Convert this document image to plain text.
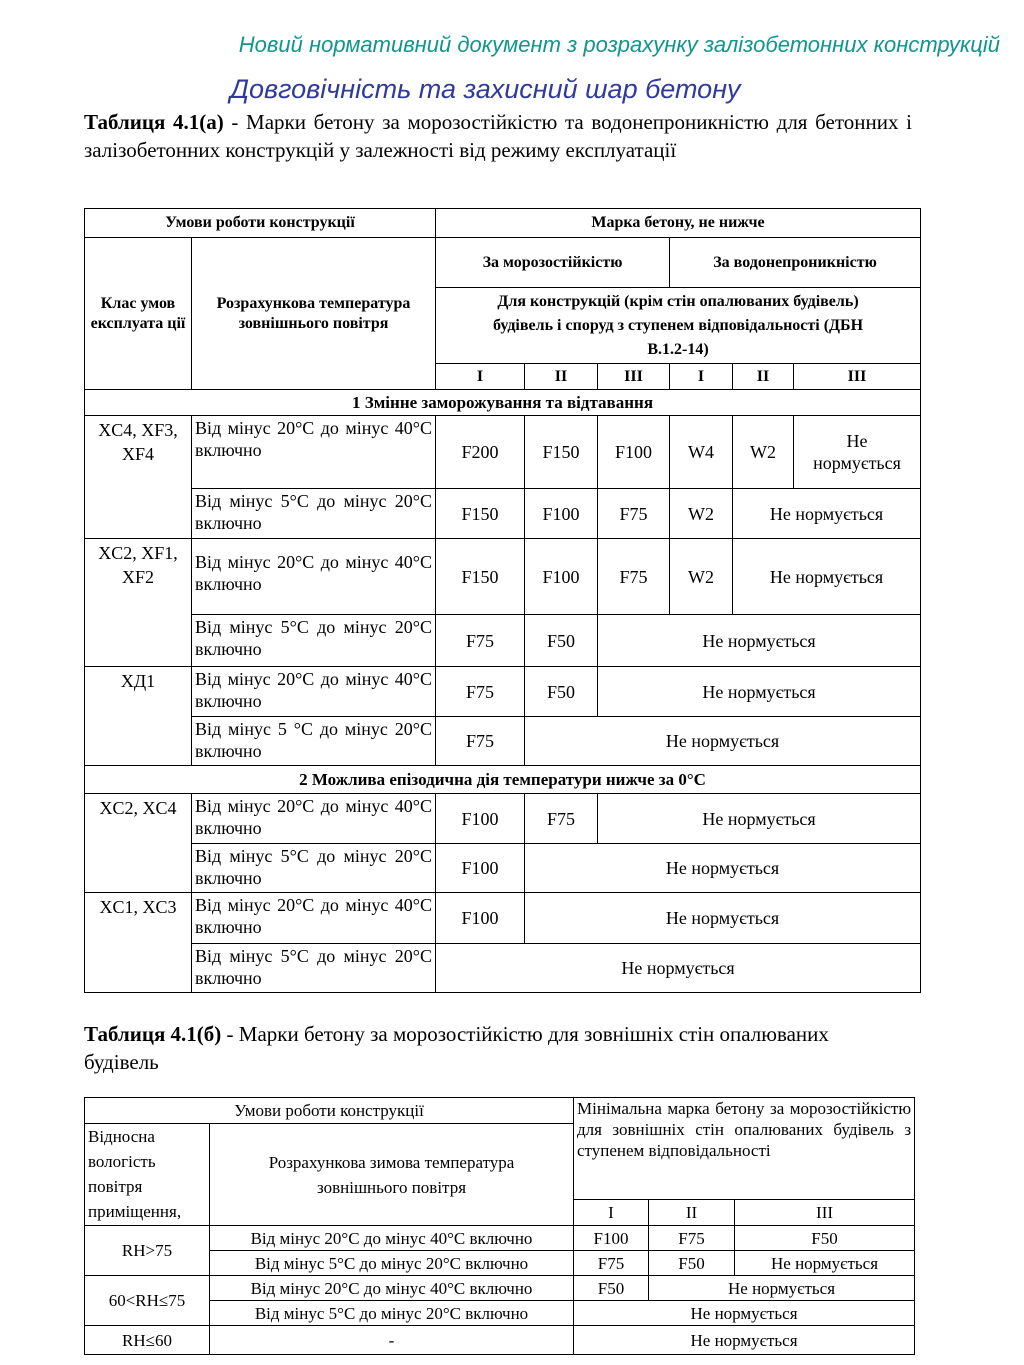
Новий нормативний документ з розрахунку залізобетонних конструкцій
Довговічність та захисний шар бетону
Таблиця 4.1(а) - Марки бетону за морозостійкістю та водонепроникністю для бетонних і залізобетонних конструкцій у залежності від режиму експлуатації
Умови роботи конструкції		Марка бетону, не нижче					
Клас умов експлуата ції	Розрахункова температура зовнішнього повітря	За морозостійкістю			За водонепроникністю		
		Для конструкцій (крім стін опалюваних будівель) будівель і споруд з ступенем відповідальності (ДБН В.1.2-14)					
		I	II	III	I	II	III
1 Змінне заморожування та відтавання							
XC4, XF3, XF4	Від мінус 20°С до мінус 40°С включно	F200	F150	F100	W4	W2	Не нормується
	Від мінус 5°С до мінус 20°С включно	F150	F100	F75	W2	Не нормується	
XC2, XF1, XF2	Від мінус 20°С до мінус 40°С включно	F150	F100	F75	W2	Не нормується	
	Від мінус 5°С до мінус 20°С включно	F75	F50	Не нормується			
ХД1	Від мінус 20°С до мінус 40°С включно	F75	F50	Не нормується			
	Від мінус 5 °С до мінус 20°С включно	F75	Не нормується				
2 Можлива епізодична дія температури нижче за 0°С							
XC2, XC4	Від мінус 20°С до мінус 40°С включно	F100	F75	Не нормується			
	Від мінус 5°С до мінус 20°С включно	F100	Не нормується				
XC1, XC3	Від мінус 20°С до мінус 40°С включно	F100	Не нормується				
	Від мінус 5°С до мінус 20°С включно	Не нормується					
Таблиця 4.1(б) - Марки бетону за морозостійкістю для зовнішніх стін опалюваних будівель
Умови роботи конструкції		Мінімальна марка бетону за морозостійкістю для зовнішніх стін опалюваних будівель з ступенем відповідальності		
Відносна вологість повітря приміщення,	Розрахункова зимова температура зовнішнього повітря			
		I	II	III
RH>75	Від мінус 20°С до мінус 40°С включно	F100	F75	F50
	Від мінус 5°С до мінус 20°С включно	F75	F50	Не нормується
60<RH≤75	Від мінус 20°С до мінус 40°С включно	F50	Не нормується	
	Від мінус 5°С до мінус 20°С включно	Не нормується		
RH≤60	-	Не нормується		
